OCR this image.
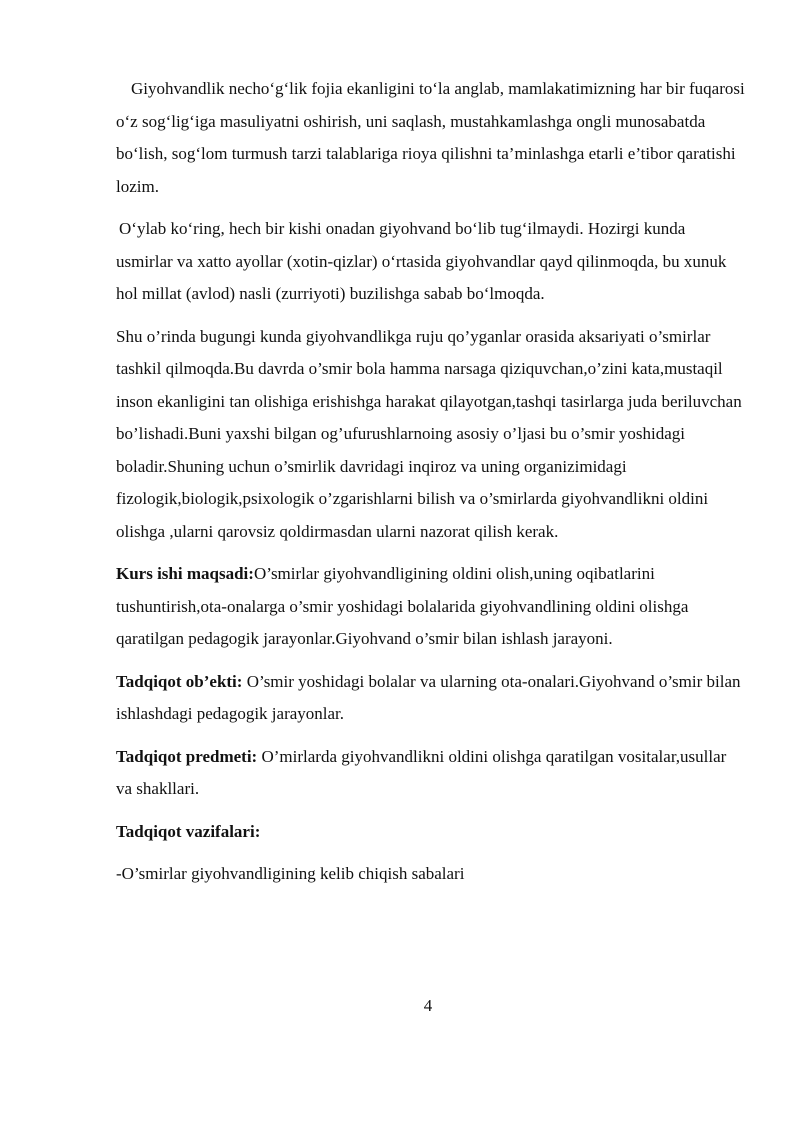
Giyohvandlik necho‘g‘lik fojia ekanligini to‘la anglab, mamlakatimizning har bir fuqarosi o‘z sog‘lig‘iga masuliyatni oshirish, uni saqlash, mustahkamlashga ongli munosabatda bo‘lish, sog‘lom turmush tarzi talablariga rioya qilishni ta’minlashga etarli e’tibor qaratishi lozim.

O‘ylab ko‘ring, hech bir kishi onadan giyohvand bo‘lib tug‘ilmaydi. Hozirgi kunda usmirlar va xatto ayollar (xotin-qizlar) o‘rtasida giyohvandlar qayd qilinmoqda, bu xunuk hol millat (avlod) nasli (zurriyoti) buzilishga sabab bo‘lmoqda.

Shu o’rinda bugungi kunda giyohvandlikga ruju qo’yganlar orasida aksariyati o’smirlar tashkil qilmoqda.Bu davrda o’smir bola hamma narsaga qiziquvchan,o’zini kata,mustaqil inson ekanligini tan olishiga erishishga harakat qilayotgan,tashqi tasirlarga juda beriluvchan bo’lishadi.Buni yaxshi bilgan og’ufurushlarnoing asosiy o’ljasi bu o’smir yoshidagi boladir.Shuning uchun o’smirlik davridagi inqiroz va uning organizimidagi fizologik,biologik,psixologik o’zgarishlarni bilish va o’smirlarda giyohvandlikni oldini olishga ,ularni qarovsiz qoldirmasdan ularni nazorat qilish kerak.

Kurs ishi maqsadi:O’smirlar giyohvandligining oldini olish,uning oqibatlarini tushuntirish,ota-onalarga o’smir yoshidagi bolalarida giyohvandlining oldini olishga qaratilgan pedagogik jarayonlar.Giyohvand o’smir bilan ishlash jarayoni.

Tadqiqot ob’ekti: O’smir yoshidagi bolalar va ularning ota-onalari.Giyohvand o’smir bilan ishlashdagi pedagogik jarayonlar.

Tadqiqot predmeti: O’mirlarda giyohvandlikni oldini olishga qaratilgan vositalar,usullar va shakllari.

Tadqiqot vazifalari:

-O’smirlar giyohvandligining kelib chiqish sabalari

4
